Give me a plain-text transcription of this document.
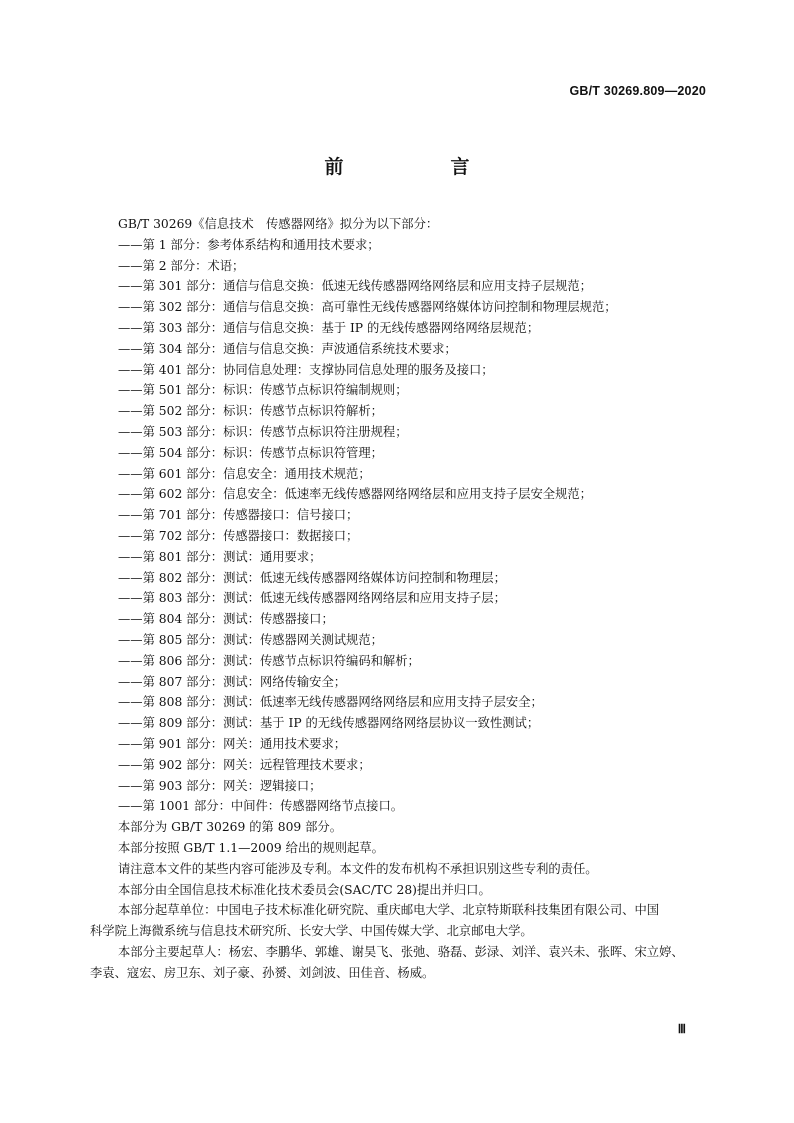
GB/T 30269.809—2020
前　言
GB/T 30269《信息技术　传感器网络》拟分为以下部分：
——第 1 部分：参考体系结构和通用技术要求；
——第 2 部分：术语；
——第 301 部分：通信与信息交换：低速无线传感器网络网络层和应用支持子层规范；
——第 302 部分：通信与信息交换：高可靠性无线传感器网络媒体访问控制和物理层规范；
——第 303 部分：通信与信息交换：基于 IP 的无线传感器网络网络层规范；
——第 304 部分：通信与信息交换：声波通信系统技术要求；
——第 401 部分：协同信息处理：支撑协同信息处理的服务及接口；
——第 501 部分：标识：传感节点标识符编制规则；
——第 502 部分：标识：传感节点标识符解析；
——第 503 部分：标识：传感节点标识符注册规程；
——第 504 部分：标识：传感节点标识符管理；
——第 601 部分：信息安全：通用技术规范；
——第 602 部分：信息安全：低速率无线传感器网络网络层和应用支持子层安全规范；
——第 701 部分：传感器接口：信号接口；
——第 702 部分：传感器接口：数据接口；
——第 801 部分：测试：通用要求；
——第 802 部分：测试：低速无线传感器网络媒体访问控制和物理层；
——第 803 部分：测试：低速无线传感器网络网络层和应用支持子层；
——第 804 部分：测试：传感器接口；
——第 805 部分：测试：传感器网关测试规范；
——第 806 部分：测试：传感节点标识符编码和解析；
——第 807 部分：测试：网络传输安全；
——第 808 部分：测试：低速率无线传感器网络网络层和应用支持子层安全；
——第 809 部分：测试：基于 IP 的无线传感器网络网络层协议一致性测试；
——第 901 部分：网关：通用技术要求；
——第 902 部分：网关：远程管理技术要求；
——第 903 部分：网关：逻辑接口；
——第 1001 部分：中间件：传感器网络节点接口。
本部分为 GB/T 30269 的第 809 部分。
本部分按照 GB/T 1.1—2009 给出的规则起草。
请注意本文件的某些内容可能涉及专利。本文件的发布机构不承担识别这些专利的责任。
本部分由全国信息技术标准化技术委员会(SAC/TC 28)提出并归口。
本部分起草单位：中国电子技术标准化研究院、重庆邮电大学、北京特斯联科技集团有限公司、中国
科学院上海微系统与信息技术研究所、长安大学、中国传媒大学、北京邮电大学。
本部分主要起草人：杨宏、李鹏华、郭雄、谢昊飞、张弛、骆磊、彭渌、刘洋、袁兴未、张晖、宋立婷、
李袁、寇宏、房卫东、刘子豪、孙赟、刘剑波、田佳音、杨威。
Ⅲ
